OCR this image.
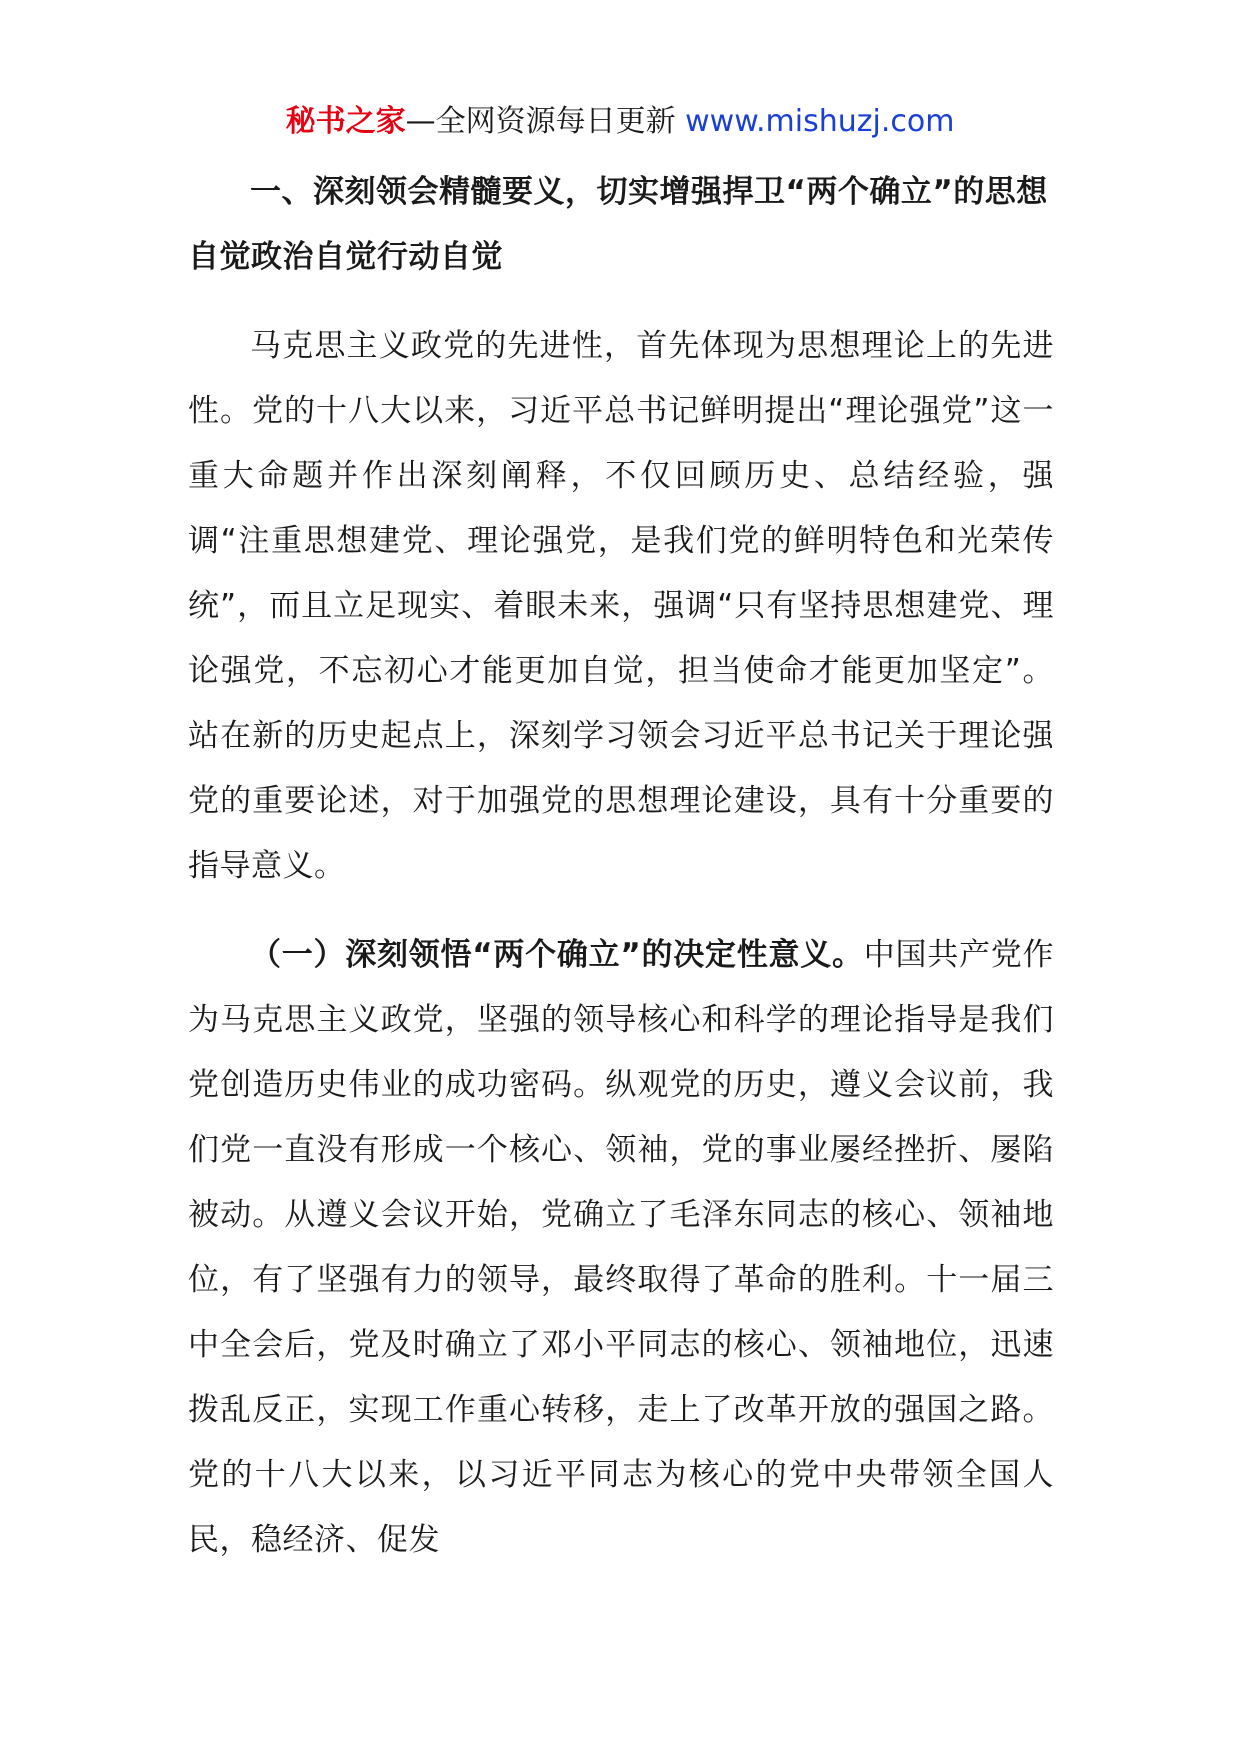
秘书之家—全网资源每日更新 www.mishuzj.com

一、深刻领会精髓要义，切实增强捍卫“两个确立”的思想自觉政治自觉行动自觉

马克思主义政党的先进性，首先体现为思想理论上的先进性。党的十八大以来，习近平总书记鲜明提出“理论强党”这一重大命题并作出深刻阐释，不仅回顾历史、总结经验，强调“注重思想建党、理论强党，是我们党的鲜明特色和光荣传统”，而且立足现实、着眼未来，强调“只有坚持思想建党、理论强党，不忘初心才能更加自觉，担当使命才能更加坚定”。站在新的历史起点上，深刻学习领会习近平总书记关于理论强党的重要论述，对于加强党的思想理论建设，具有十分重要的指导意义。

（一）深刻领悟“两个确立”的决定性意义。中国共产党作为马克思主义政党，坚强的领导核心和科学的理论指导是我们党创造历史伟业的成功密码。纵观党的历史，遵义会议前，我们党一直没有形成一个核心、领袖，党的事业屡经挫折、屡陷被动。从遵义会议开始，党确立了毛泽东同志的核心、领袖地位，有了坚强有力的领导，最终取得了革命的胜利。十一届三中全会后，党及时确立了邓小平同志的核心、领袖地位，迅速拨乱反正，实现工作重心转移，走上了改革开放的强国之路。党的十八大以来，以习近平同志为核心的党中央带领全国人民，稳经济、促发
